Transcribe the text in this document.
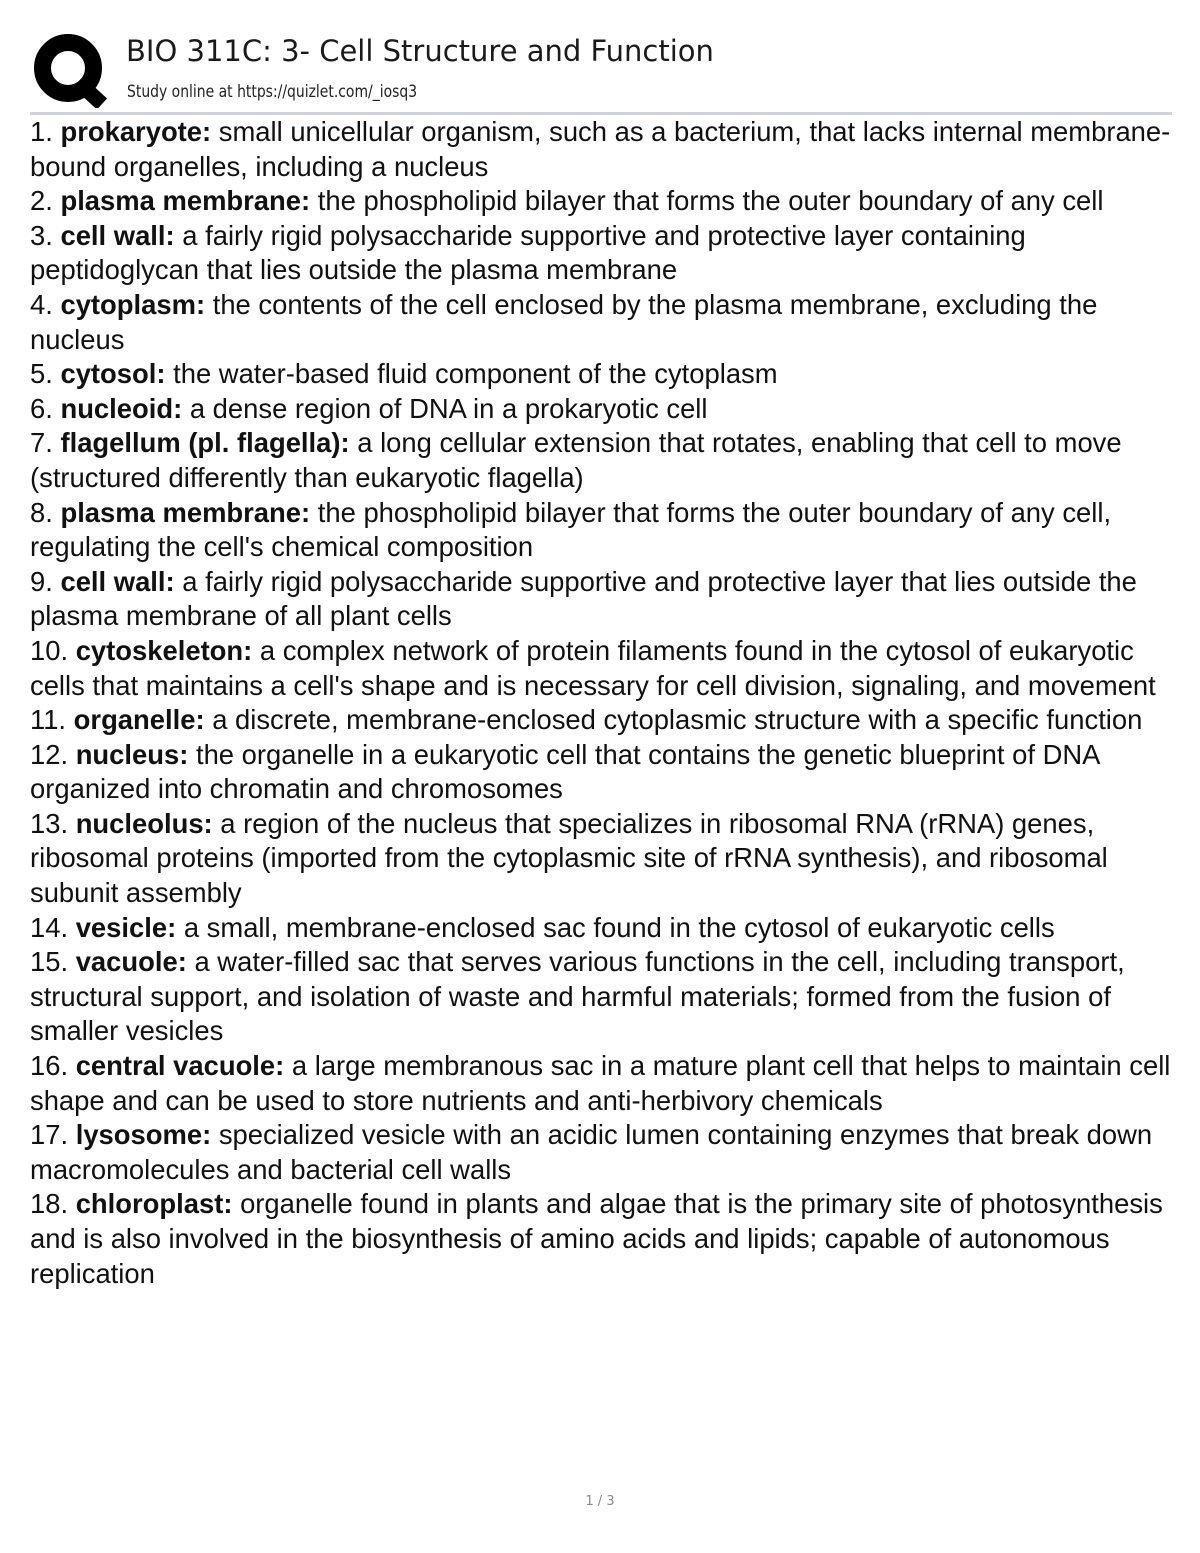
BIO 311C: 3- Cell Structure and Function
Study online at https://quizlet.com/_iosq3
1. prokaryote: small unicellular organism, such as a bacterium, that lacks internal membrane-bound organelles, including a nucleus
2. plasma membrane: the phospholipid bilayer that forms the outer boundary of any cell
3. cell wall: a fairly rigid polysaccharide supportive and protective layer containing peptidoglycan that lies outside the plasma membrane
4. cytoplasm: the contents of the cell enclosed by the plasma membrane, excluding the nucleus
5. cytosol: the water-based fluid component of the cytoplasm
6. nucleoid: a dense region of DNA in a prokaryotic cell
7. flagellum (pl. flagella): a long cellular extension that rotates, enabling that cell to move (structured differently than eukaryotic flagella)
8. plasma membrane: the phospholipid bilayer that forms the outer boundary of any cell, regulating the cell's chemical composition
9. cell wall: a fairly rigid polysaccharide supportive and protective layer that lies outside the plasma membrane of all plant cells
10. cytoskeleton: a complex network of protein filaments found in the cytosol of eukaryotic cells that maintains a cell's shape and is necessary for cell division, signaling, and movement
11. organelle: a discrete, membrane-enclosed cytoplasmic structure with a specific function
12. nucleus: the organelle in a eukaryotic cell that contains the genetic blueprint of DNA organized into chromatin and chromosomes
13. nucleolus: a region of the nucleus that specializes in ribosomal RNA (rRNA) genes, ribosomal proteins (imported from the cytoplasmic site of rRNA synthesis), and ribosomal subunit assembly
14. vesicle: a small, membrane-enclosed sac found in the cytosol of eukaryotic cells
15. vacuole: a water-filled sac that serves various functions in the cell, including transport, structural support, and isolation of waste and harmful materials; formed from the fusion of smaller vesicles
16. central vacuole: a large membranous sac in a mature plant cell that helps to maintain cell shape and can be used to store nutrients and anti-herbivory chemicals
17. lysosome: specialized vesicle with an acidic lumen containing enzymes that break down macromolecules and bacterial cell walls
18. chloroplast: organelle found in plants and algae that is the primary site of photosynthesis and is also involved in the biosynthesis of amino acids and lipids; capable of autonomous replication
1 / 3
